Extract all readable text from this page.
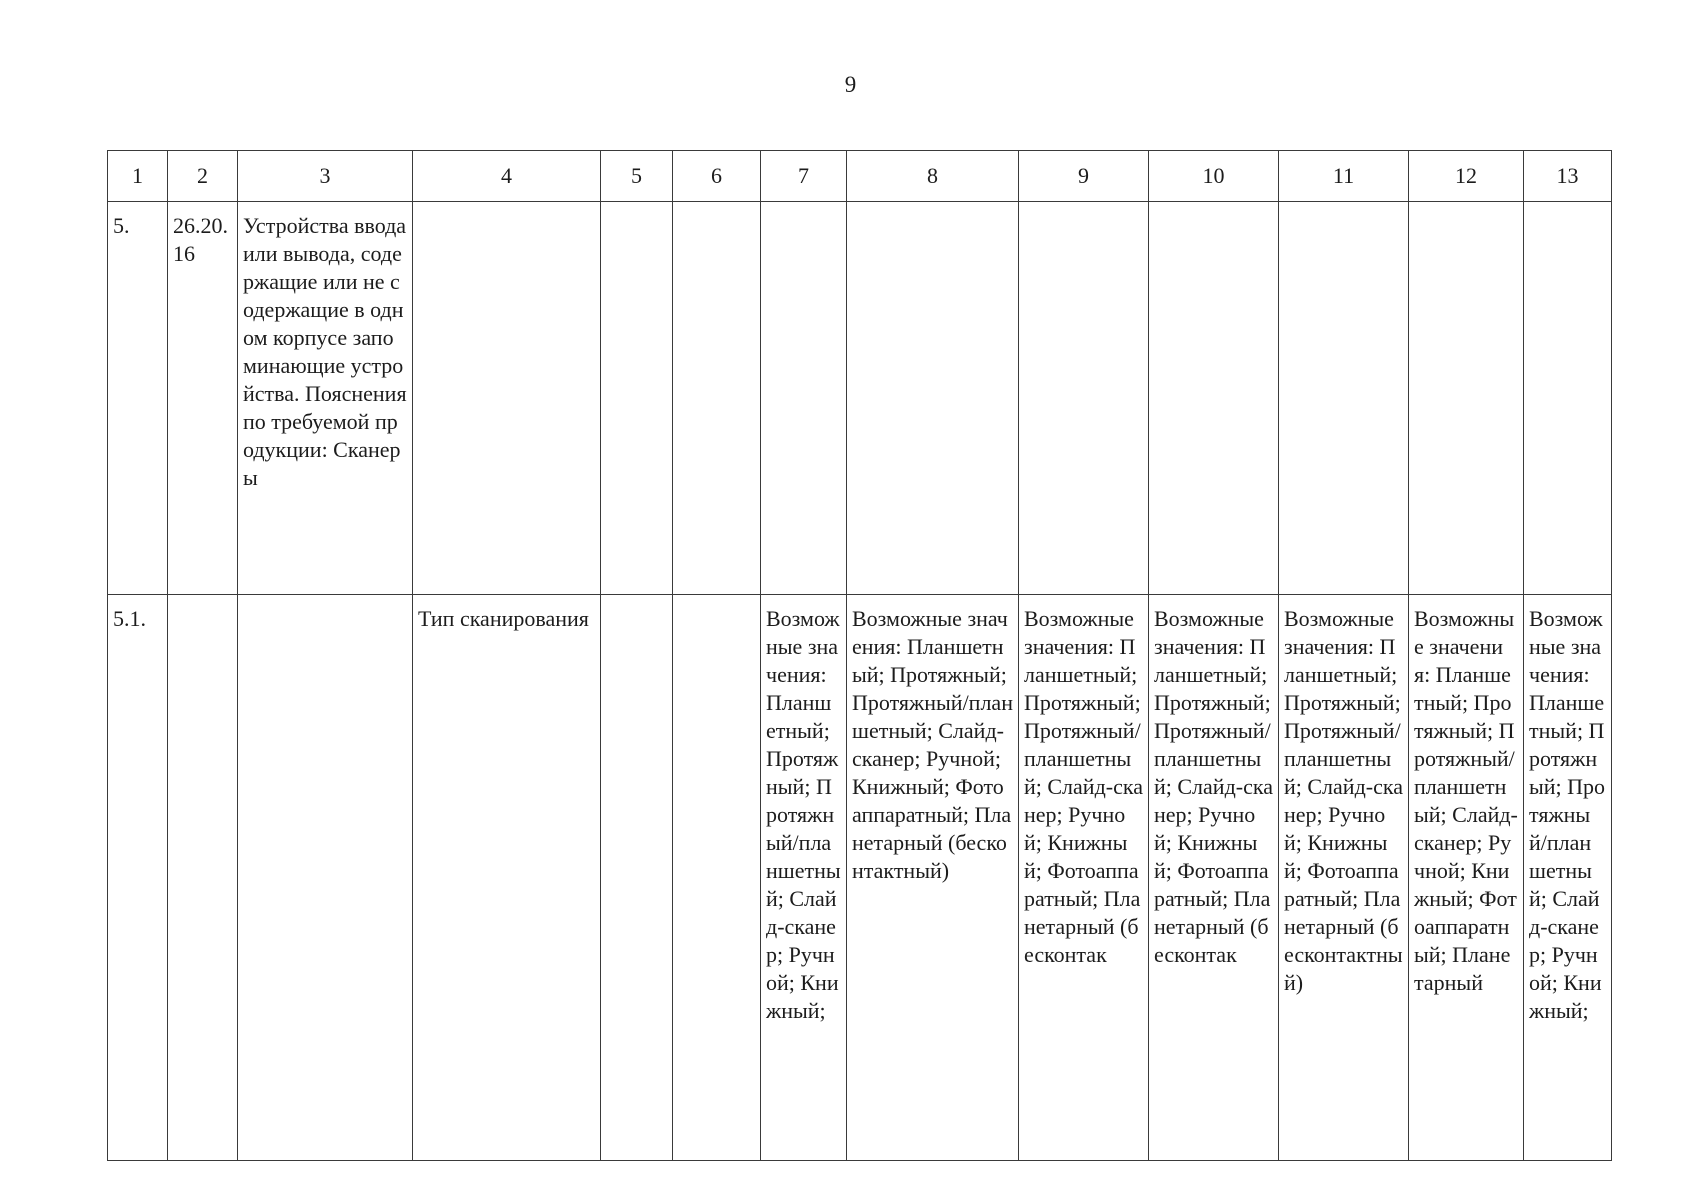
9
1	2	3	4	5	6	7	8	9	10	11	12	13
5.	26.20.16	Устройства ввода или вывода, содержащие или не содержащие в одном корпусе запоминающие устройства. Пояснения по требуемой продукции: Сканеры										
5.1.			Тип сканирования			Возможные значения: Планшетный; Протяжный; Протяжный/планшетный; Слайд-сканер; Ручной; Книжный;	Возможные значения: Планшетный; Протяжный; Протяжный/планшетный; Слайд-сканер; Ручной; Книжный; Фотоаппаратный; Планетарный (бесконтактный)	Возможные значения: Планшетный; Протяжный; Протяжный/планшетный; Слайд-сканер; Ручной; Книжный; Фотоаппаратный; Планетарный (бесконтак	Возможные значения: Планшетный; Протяжный; Протяжный/планшетный; Слайд-сканер; Ручной; Книжный; Фотоаппаратный; Планетарный (бесконтак	Возможные значения: Планшетный; Протяжный; Протяжный/планшетный; Слайд-сканер; Ручной; Книжный; Фотоаппаратный; Планетарный (бесконтактный)	Возможные значения: Планшетный; Протяжный; Протяжный/планшетный; Слайд-сканер; Ручной; Книжный; Фотоаппаратный; Планетарный	Возможные значения: Планшетный; Протяжный; Протяжный/планшетный; Слайд-сканер; Ручной; Книжный;
